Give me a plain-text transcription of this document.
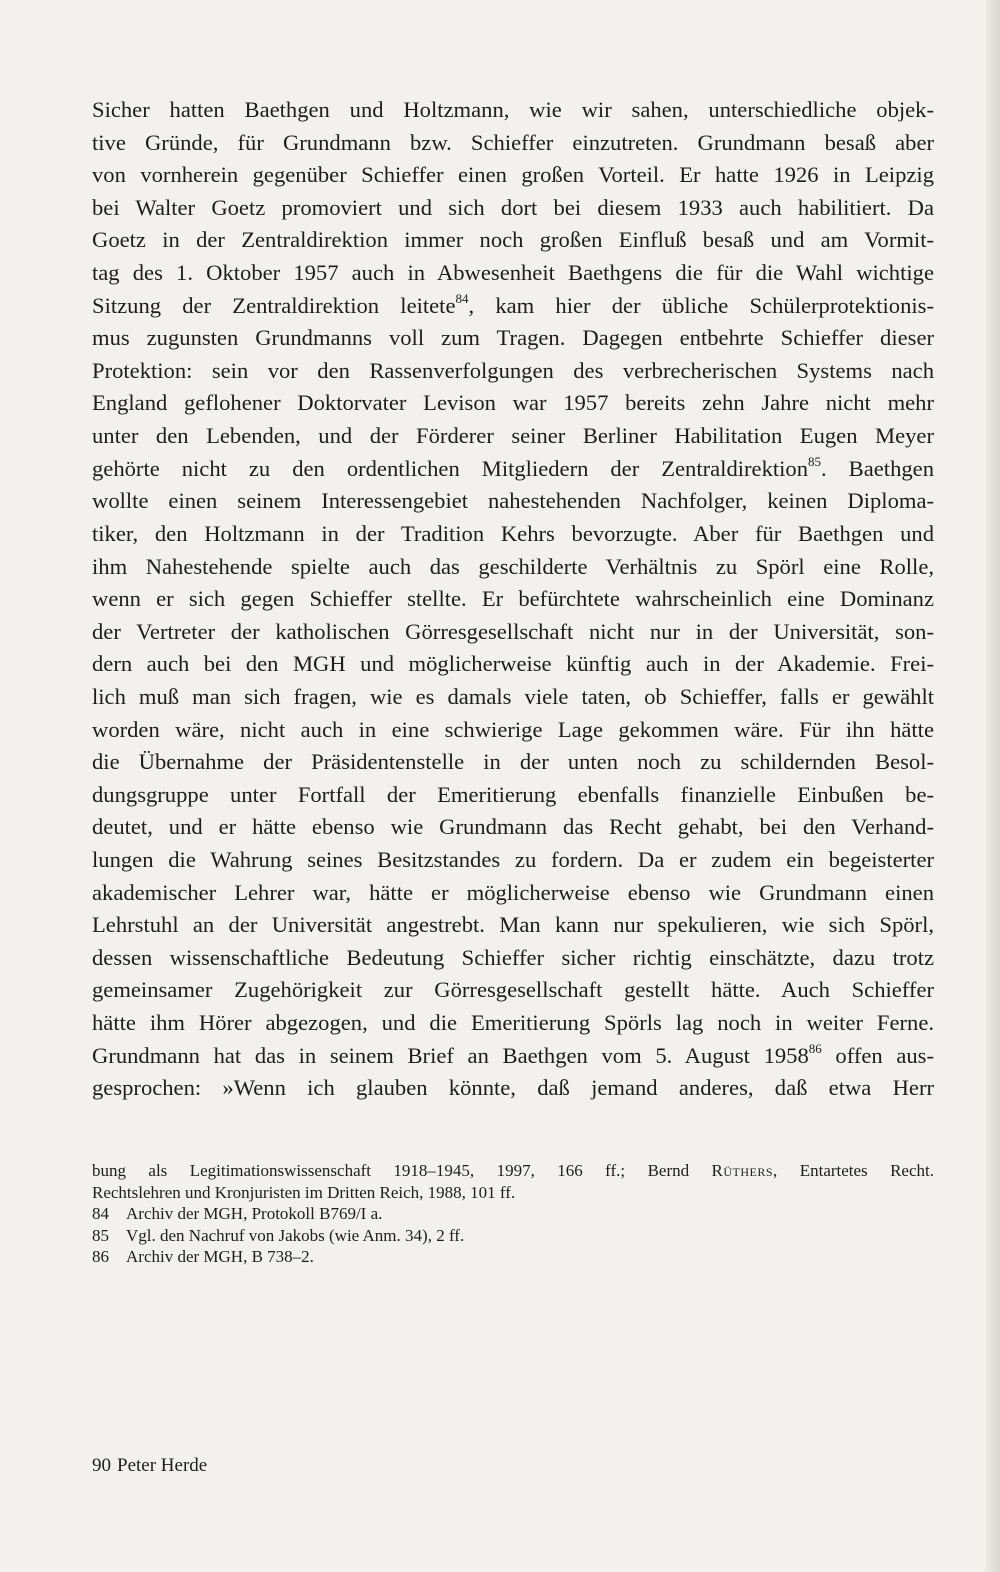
Sicher hatten Baethgen und Holtzmann, wie wir sahen, unterschiedliche objek-
tive Gründe, für Grundmann bzw. Schieffer einzutreten. Grundmann besaß aber
von vornherein gegenüber Schieffer einen großen Vorteil. Er hatte 1926 in Leipzig
bei Walter Goetz promoviert und sich dort bei diesem 1933 auch habilitiert. Da
Goetz in der Zentraldirektion immer noch großen Einfluß besaß und am Vormit-
tag des 1. Oktober 1957 auch in Abwesenheit Baethgens die für die Wahl wichtige
Sitzung der Zentraldirektion leitete$^{84}$, kam hier der übliche Schülerprotektionis-
mus zugunsten Grundmanns voll zum Tragen. Dagegen entbehrte Schieffer dieser
Protektion: sein vor den Rassenverfolgungen des verbrecherischen Systems nach
England geflohener Doktorvater Levison war 1957 bereits zehn Jahre nicht mehr
unter den Lebenden, und der Förderer seiner Berliner Habilitation Eugen Meyer
gehörte nicht zu den ordentlichen Mitgliedern der Zentraldirektion$^{85}$. Baethgen
wollte einen seinem Interessengebiet nahestehenden Nachfolger, keinen Diploma-
tiker, den Holtzmann in der Tradition Kehrs bevorzugte. Aber für Baethgen und
ihm Nahestehende spielte auch das geschilderte Verhältnis zu Spörl eine Rolle,
wenn er sich gegen Schieffer stellte. Er befürchtete wahrscheinlich eine Dominanz
der Vertreter der katholischen Görresgesellschaft nicht nur in der Universität, son-
dern auch bei den MGH und möglicherweise künftig auch in der Akademie. Frei-
lich muß man sich fragen, wie es damals viele taten, ob Schieffer, falls er gewählt
worden wäre, nicht auch in eine schwierige Lage gekommen wäre. Für ihn hätte
die Übernahme der Präsidentenstelle in der unten noch zu schildernden Besol-
dungsgruppe unter Fortfall der Emeritierung ebenfalls finanzielle Einbußen be-
deutet, und er hätte ebenso wie Grundmann das Recht gehabt, bei den Verhand-
lungen die Wahrung seines Besitzstandes zu fordern. Da er zudem ein begeisterter
akademischer Lehrer war, hätte er möglicherweise ebenso wie Grundmann einen
Lehrstuhl an der Universität angestrebt. Man kann nur spekulieren, wie sich Spörl,
dessen wissenschaftliche Bedeutung Schieffer sicher richtig einschätzte, dazu trotz
gemeinsamer Zugehörigkeit zur Görresgesellschaft gestellt hätte. Auch Schieffer
hätte ihm Hörer abgezogen, und die Emeritierung Spörls lag noch in weiter Ferne.
Grundmann hat das in seinem Brief an Baethgen vom 5. August 1958$^{86}$ offen aus-
gesprochen: »Wenn ich glauben könnte, daß jemand anderes, daß etwa Herr
bung als Legitimationswissenschaft 1918–1945, 1997, 166 ff.; Bernd Rüthers, Entartetes Recht.
Rechtslehren und Kronjuristen im Dritten Reich, 1988, 101 ff.
84 Archiv der MGH, Protokoll B769/I a.
85 Vgl. den Nachruf von Jakobs (wie Anm. 34), 2 ff.
86 Archiv der MGH, B 738–2.
90 Peter Herde
